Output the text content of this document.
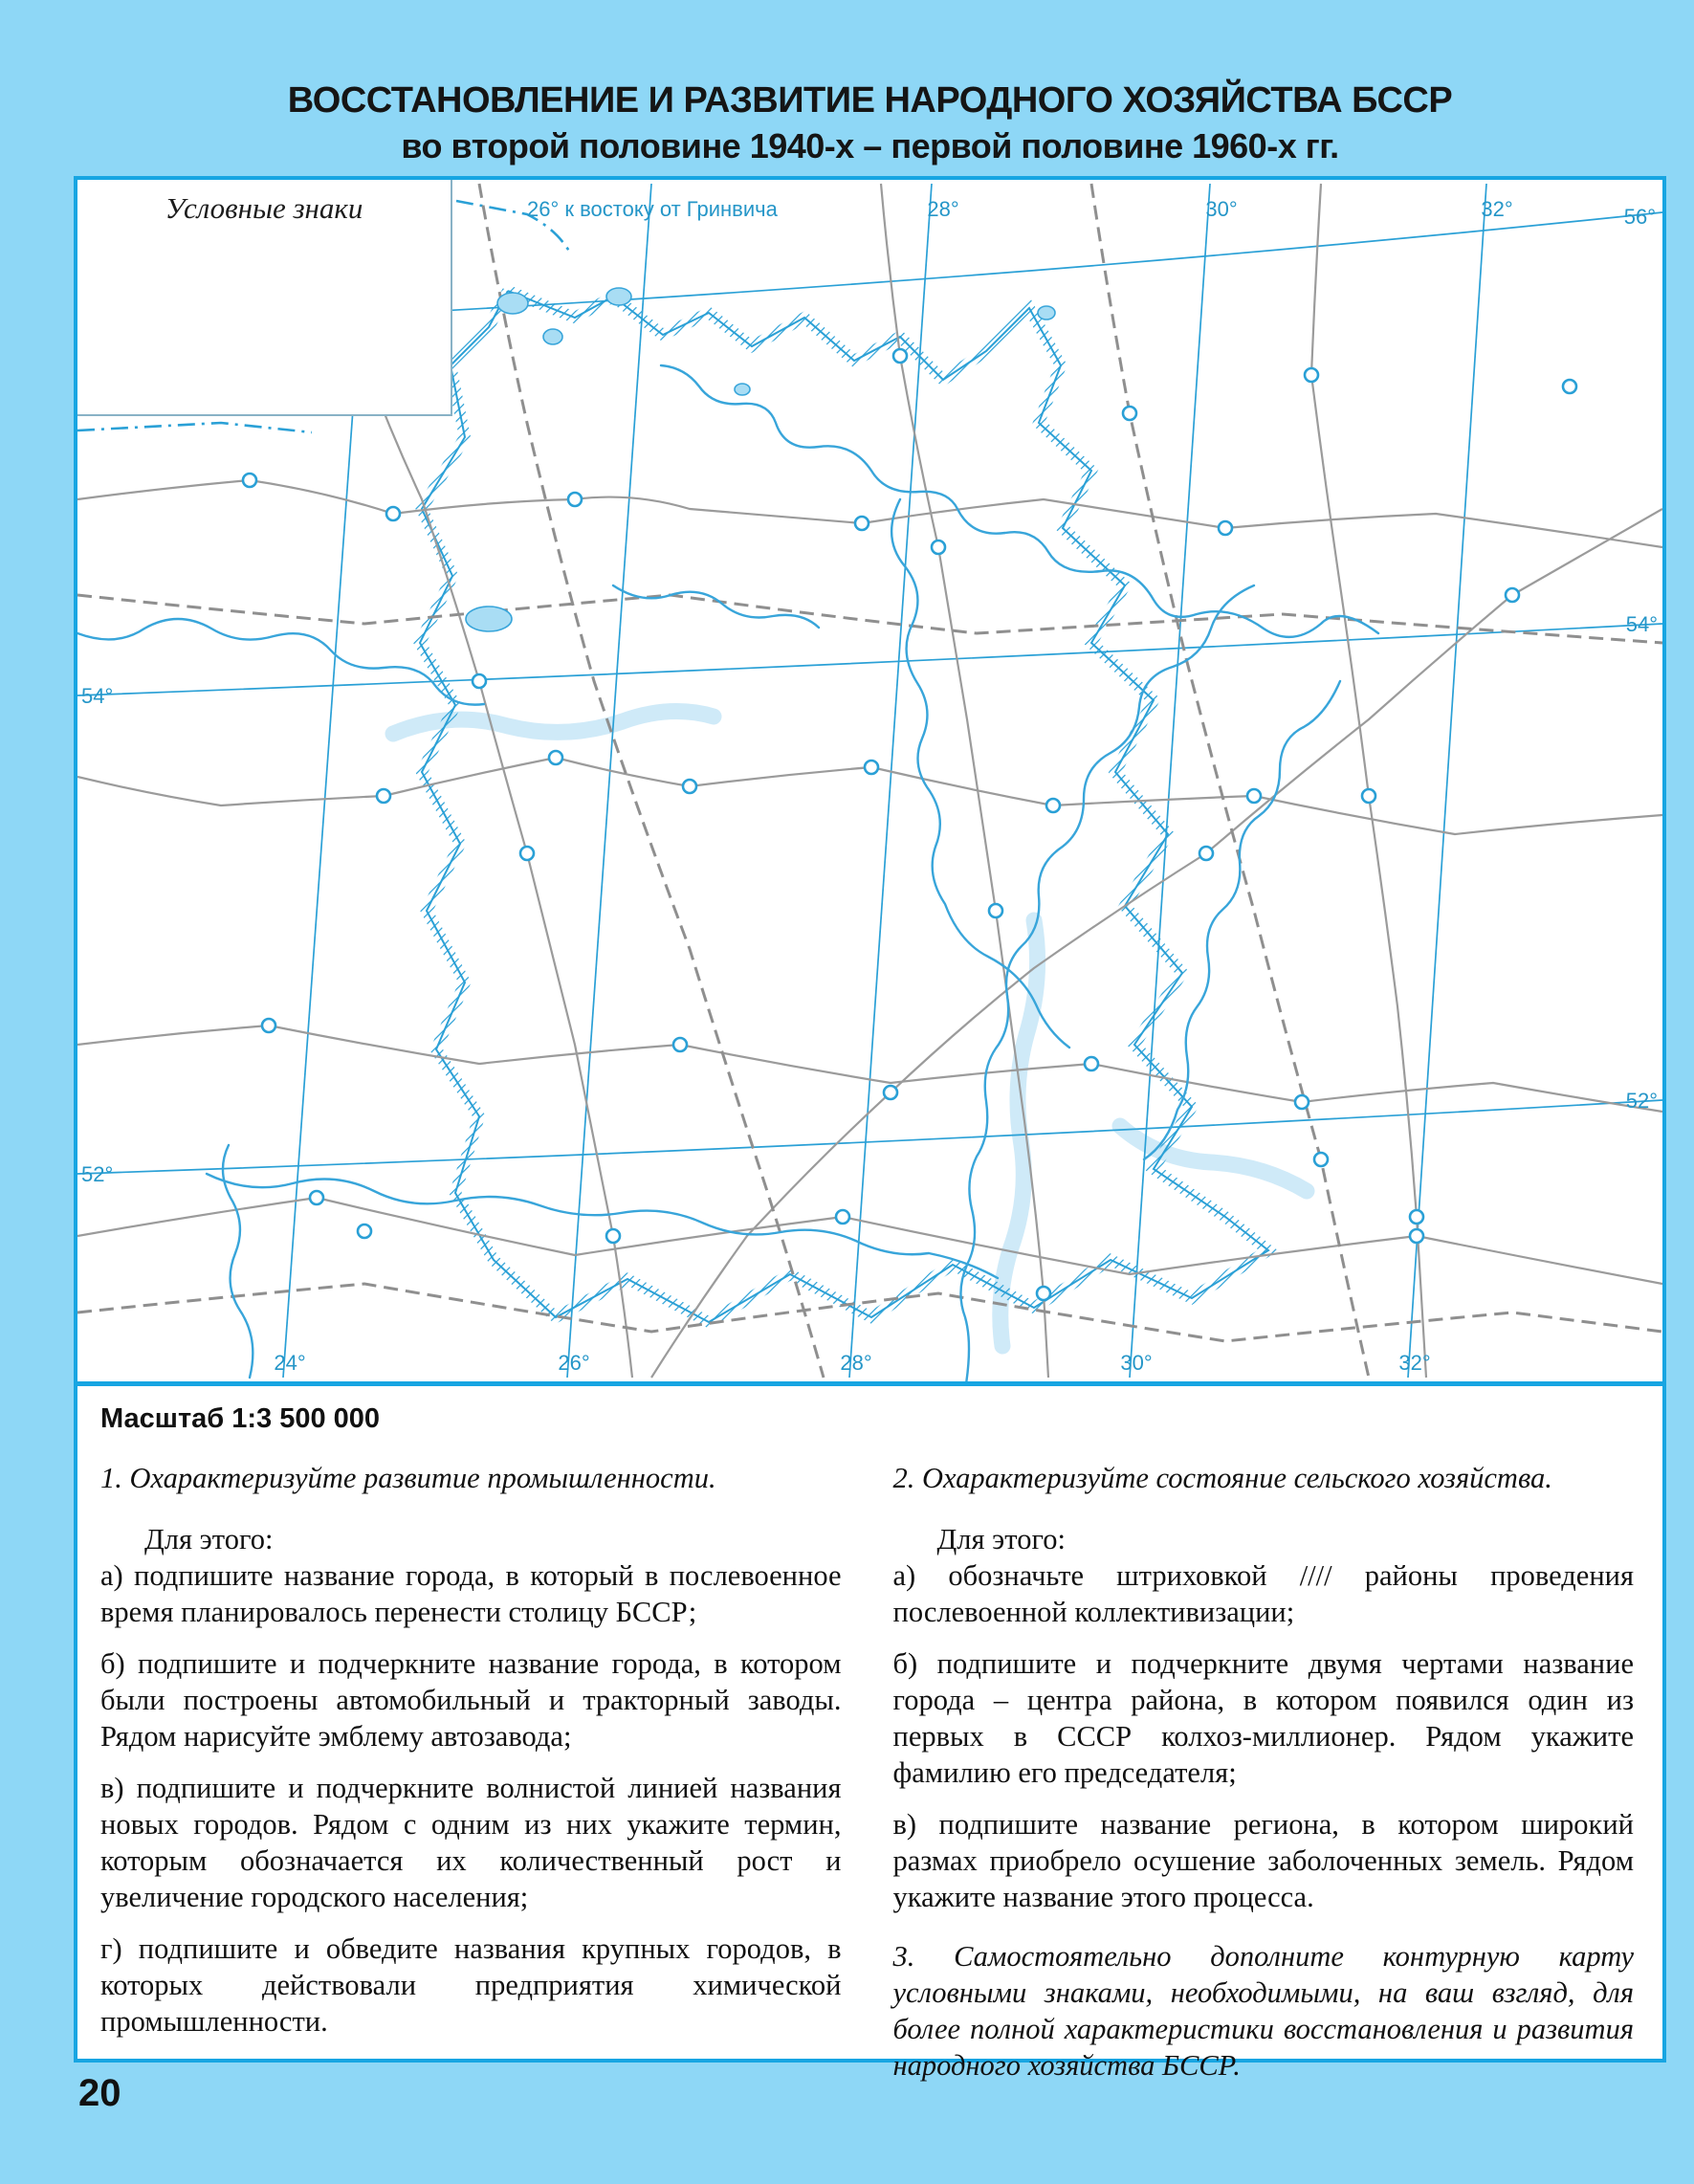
ВОССТАНОВЛЕНИЕ И РАЗВИТИЕ НАРОДНОГО ХОЗЯЙСТВА БССР
во второй половине 1940-х – первой половине 1960-х гг.
26° к востоку от Гринвича	28°	30°	32°	56°
54°
54°
52°
52°
24°	26°	28°	30°	32°
Условные знаки
Масштаб 1:3 500 000

1. Охарактеризуйте развитие промышленности.

Для этого:

а) подпишите название города, в который в послевоенное время планировалось перенести столицу БССР;

б) подпишите и подчеркните название города, в котором были построены автомобильный и тракторный заводы. Рядом нарисуйте эмблему автозавода;

в) подпишите и подчеркните волнистой линией названия новых городов. Рядом с одним из них укажите термин, которым обозначается их количественный рост и увеличение городского населения;

г) подпишите и обведите названия крупных городов, в которых действовали предприятия химической промышленности.

2. Охарактеризуйте состояние сельского хозяйства.

Для этого:

а) обозначьте штриховкой //// районы проведения послевоенной коллективизации;

б) подпишите и подчеркните двумя чертами название города – центра района, в котором появился один из первых в СССР колхоз-миллионер. Рядом укажите фамилию его председателя;

в) подпишите название региона, в котором широкий размах приобрело осушение заболоченных земель. Рядом укажите название этого процесса.

3. Самостоятельно дополните контурную карту условными знаками, необходимыми, на ваш взгляд, для более полной характеристики восстановления и развития народного хозяйства БССР.

20
